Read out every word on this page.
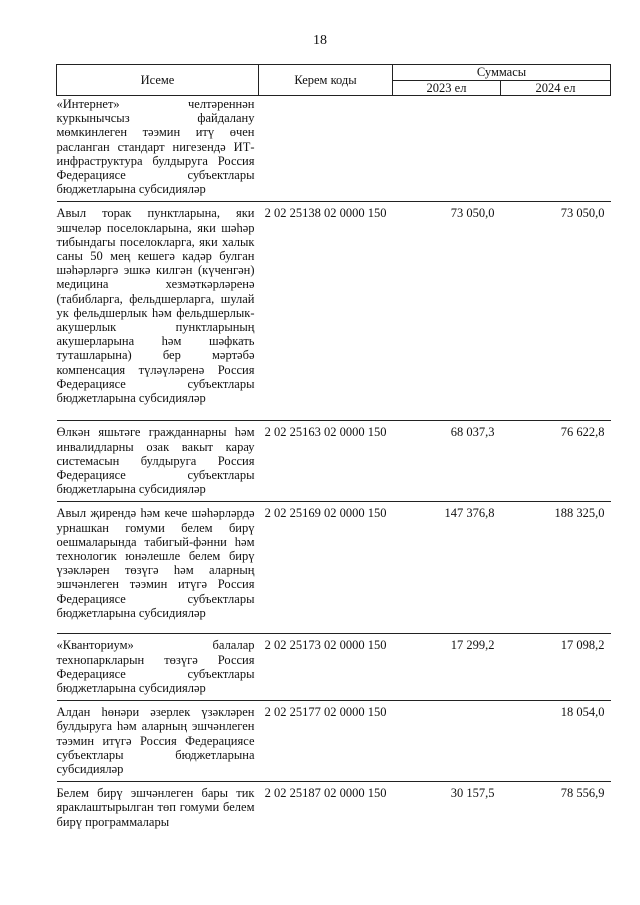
18
Исеме	Керем коды	Суммасы	
		2023 ел	2024 ел
«Интернет» челтәреннән куркынычсыз файдалану мөмкинлеген тәэмин итү өчен расланган стандарт нигезендә ИТ-инфраструктура булдыруга Россия Федерациясе субъектлары бюджетларына субсидияләр			
Авыл торак пунктларына, яки эшчеләр поселокларына, яки шәһәр тибындагы поселокларга, яки халык саны 50 мең кешегә кадәр булган шәһәрләргә эшкә килгән (күченгән) медицина хезмәткәрләренә (табибларга, фельдшерларга, шулай ук фельдшерлык һәм фельдшерлык-акушерлык пунктларының акушерларына һәм шәфкать туташларына) бер мәртәбә компенсация түләүләренә Россия Федерациясе субъектлары бюджетларына субсидияләр	2 02 25138 02 0000 150	73 050,0	73 050,0
Өлкән яшьтәге гражданнарны һәм инвалидларны озак вакыт карау системасын булдыруга Россия Федерациясе субъектлары бюджетларына субсидияләр	2 02 25163 02 0000 150	68 037,3	76 622,8
Авыл җирендә һәм кече шәһәрләрдә урнашкан гомуми белем бирү оешмаларында табигый-фәнни һәм технологик юнәлешле белем бирү үзәкләрен төзүгә һәм аларның эшчәнлеген тәэмин итүгә Россия Федерациясе субъектлары бюджетларына субсидияләр	2 02 25169 02 0000 150	147 376,8	188 325,0
«Кванториум» балалар технопаркларын төзүгә Россия Федерациясе субъектлары бюджетларына субсидияләр	2 02 25173 02 0000 150	17 299,2	17 098,2
Алдан һөнәри әзерлек үзәкләрен булдыруга һәм аларның эшчәнлеген тәэмин итүгә Россия Федерациясе субъектлары бюджетларына субсидияләр	2 02 25177 02 0000 150		18 054,0
Белем бирү эшчәнлеген бары тик яраклаштырылган төп гомуми белем бирү программалары	2 02 25187 02 0000 150	30 157,5	78 556,9
